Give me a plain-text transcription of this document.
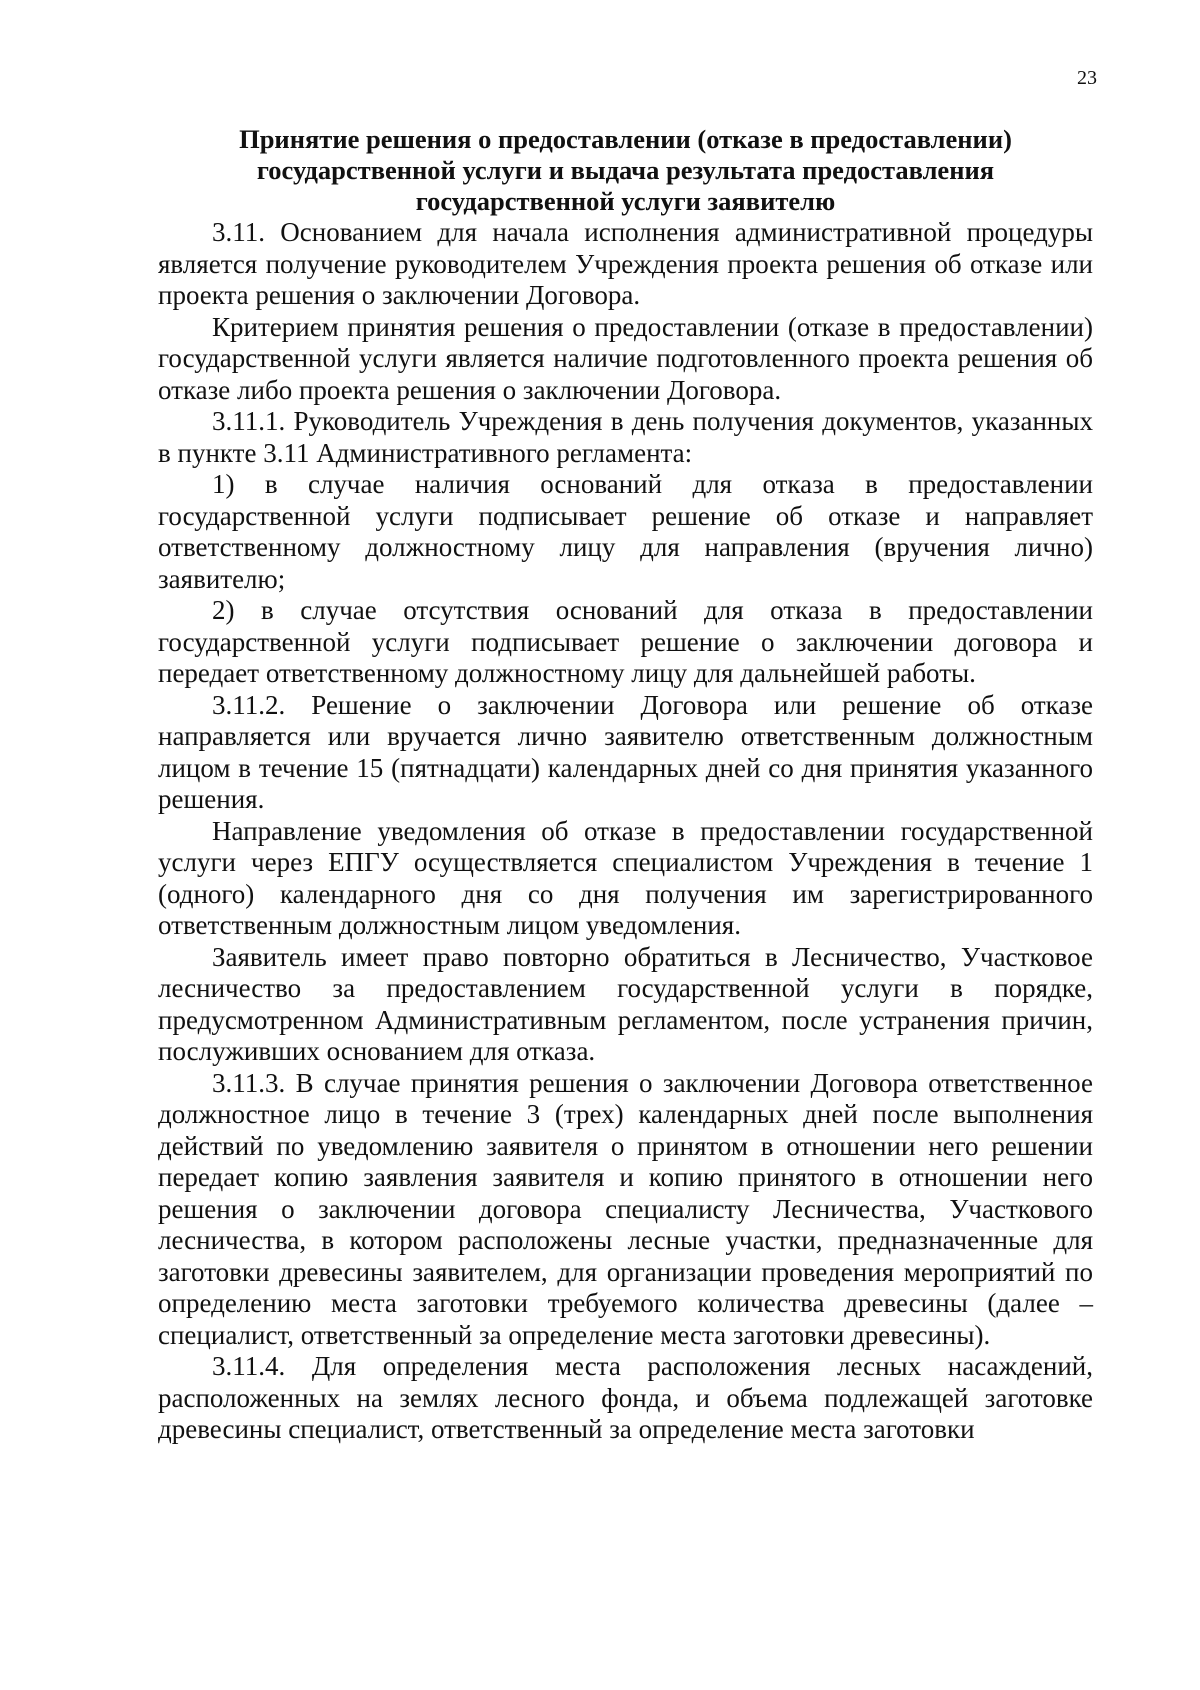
23

Принятие решения о предоставлении (отказе в предоставлении) государственной услуги и выдача результата предоставления государственной услуги заявителю

3.11. Основанием для начала исполнения административной процедуры является получение руководителем Учреждения проекта решения об отказе или проекта решения о заключении Договора.

Критерием принятия решения о предоставлении (отказе в предоставлении) государственной услуги является наличие подготовленного проекта решения об отказе либо проекта решения о заключении Договора.

3.11.1. Руководитель Учреждения в день получения документов, указанных в пункте 3.11 Административного регламента:

1) в случае наличия оснований для отказа в предоставлении государственной услуги подписывает решение об отказе и направляет ответственному должностному лицу для направления (вручения лично) заявителю;

2) в случае отсутствия оснований для отказа в предоставлении государственной услуги подписывает решение о заключении договора и передает ответственному должностному лицу для дальнейшей работы.

3.11.2. Решение о заключении Договора или решение об отказе направляется или вручается лично заявителю ответственным должностным лицом в течение 15 (пятнадцати) календарных дней со дня принятия указанного решения.

Направление уведомления об отказе в предоставлении государственной услуги через ЕПГУ осуществляется специалистом Учреждения в течение 1 (одного) календарного дня со дня получения им зарегистрированного ответственным должностным лицом уведомления.

Заявитель имеет право повторно обратиться в Лесничество, Участковое лесничество за предоставлением государственной услуги в порядке, предусмотренном Административным регламентом, после устранения причин, послуживших основанием для отказа.

3.11.3. В случае принятия решения о заключении Договора ответственное должностное лицо в течение 3 (трех) календарных дней после выполнения действий по уведомлению заявителя о принятом в отношении него решении передает копию заявления заявителя и копию принятого в отношении него решения о заключении договора специалисту Лесничества, Участкового лесничества, в котором расположены лесные участки, предназначенные для заготовки древесины заявителем, для организации проведения мероприятий по определению места заготовки требуемого количества древесины (далее – специалист, ответственный за определение места заготовки древесины).

3.11.4. Для определения места расположения лесных насаждений, расположенных на землях лесного фонда, и объема подлежащей заготовке древесины специалист, ответственный за определение места заготовки
